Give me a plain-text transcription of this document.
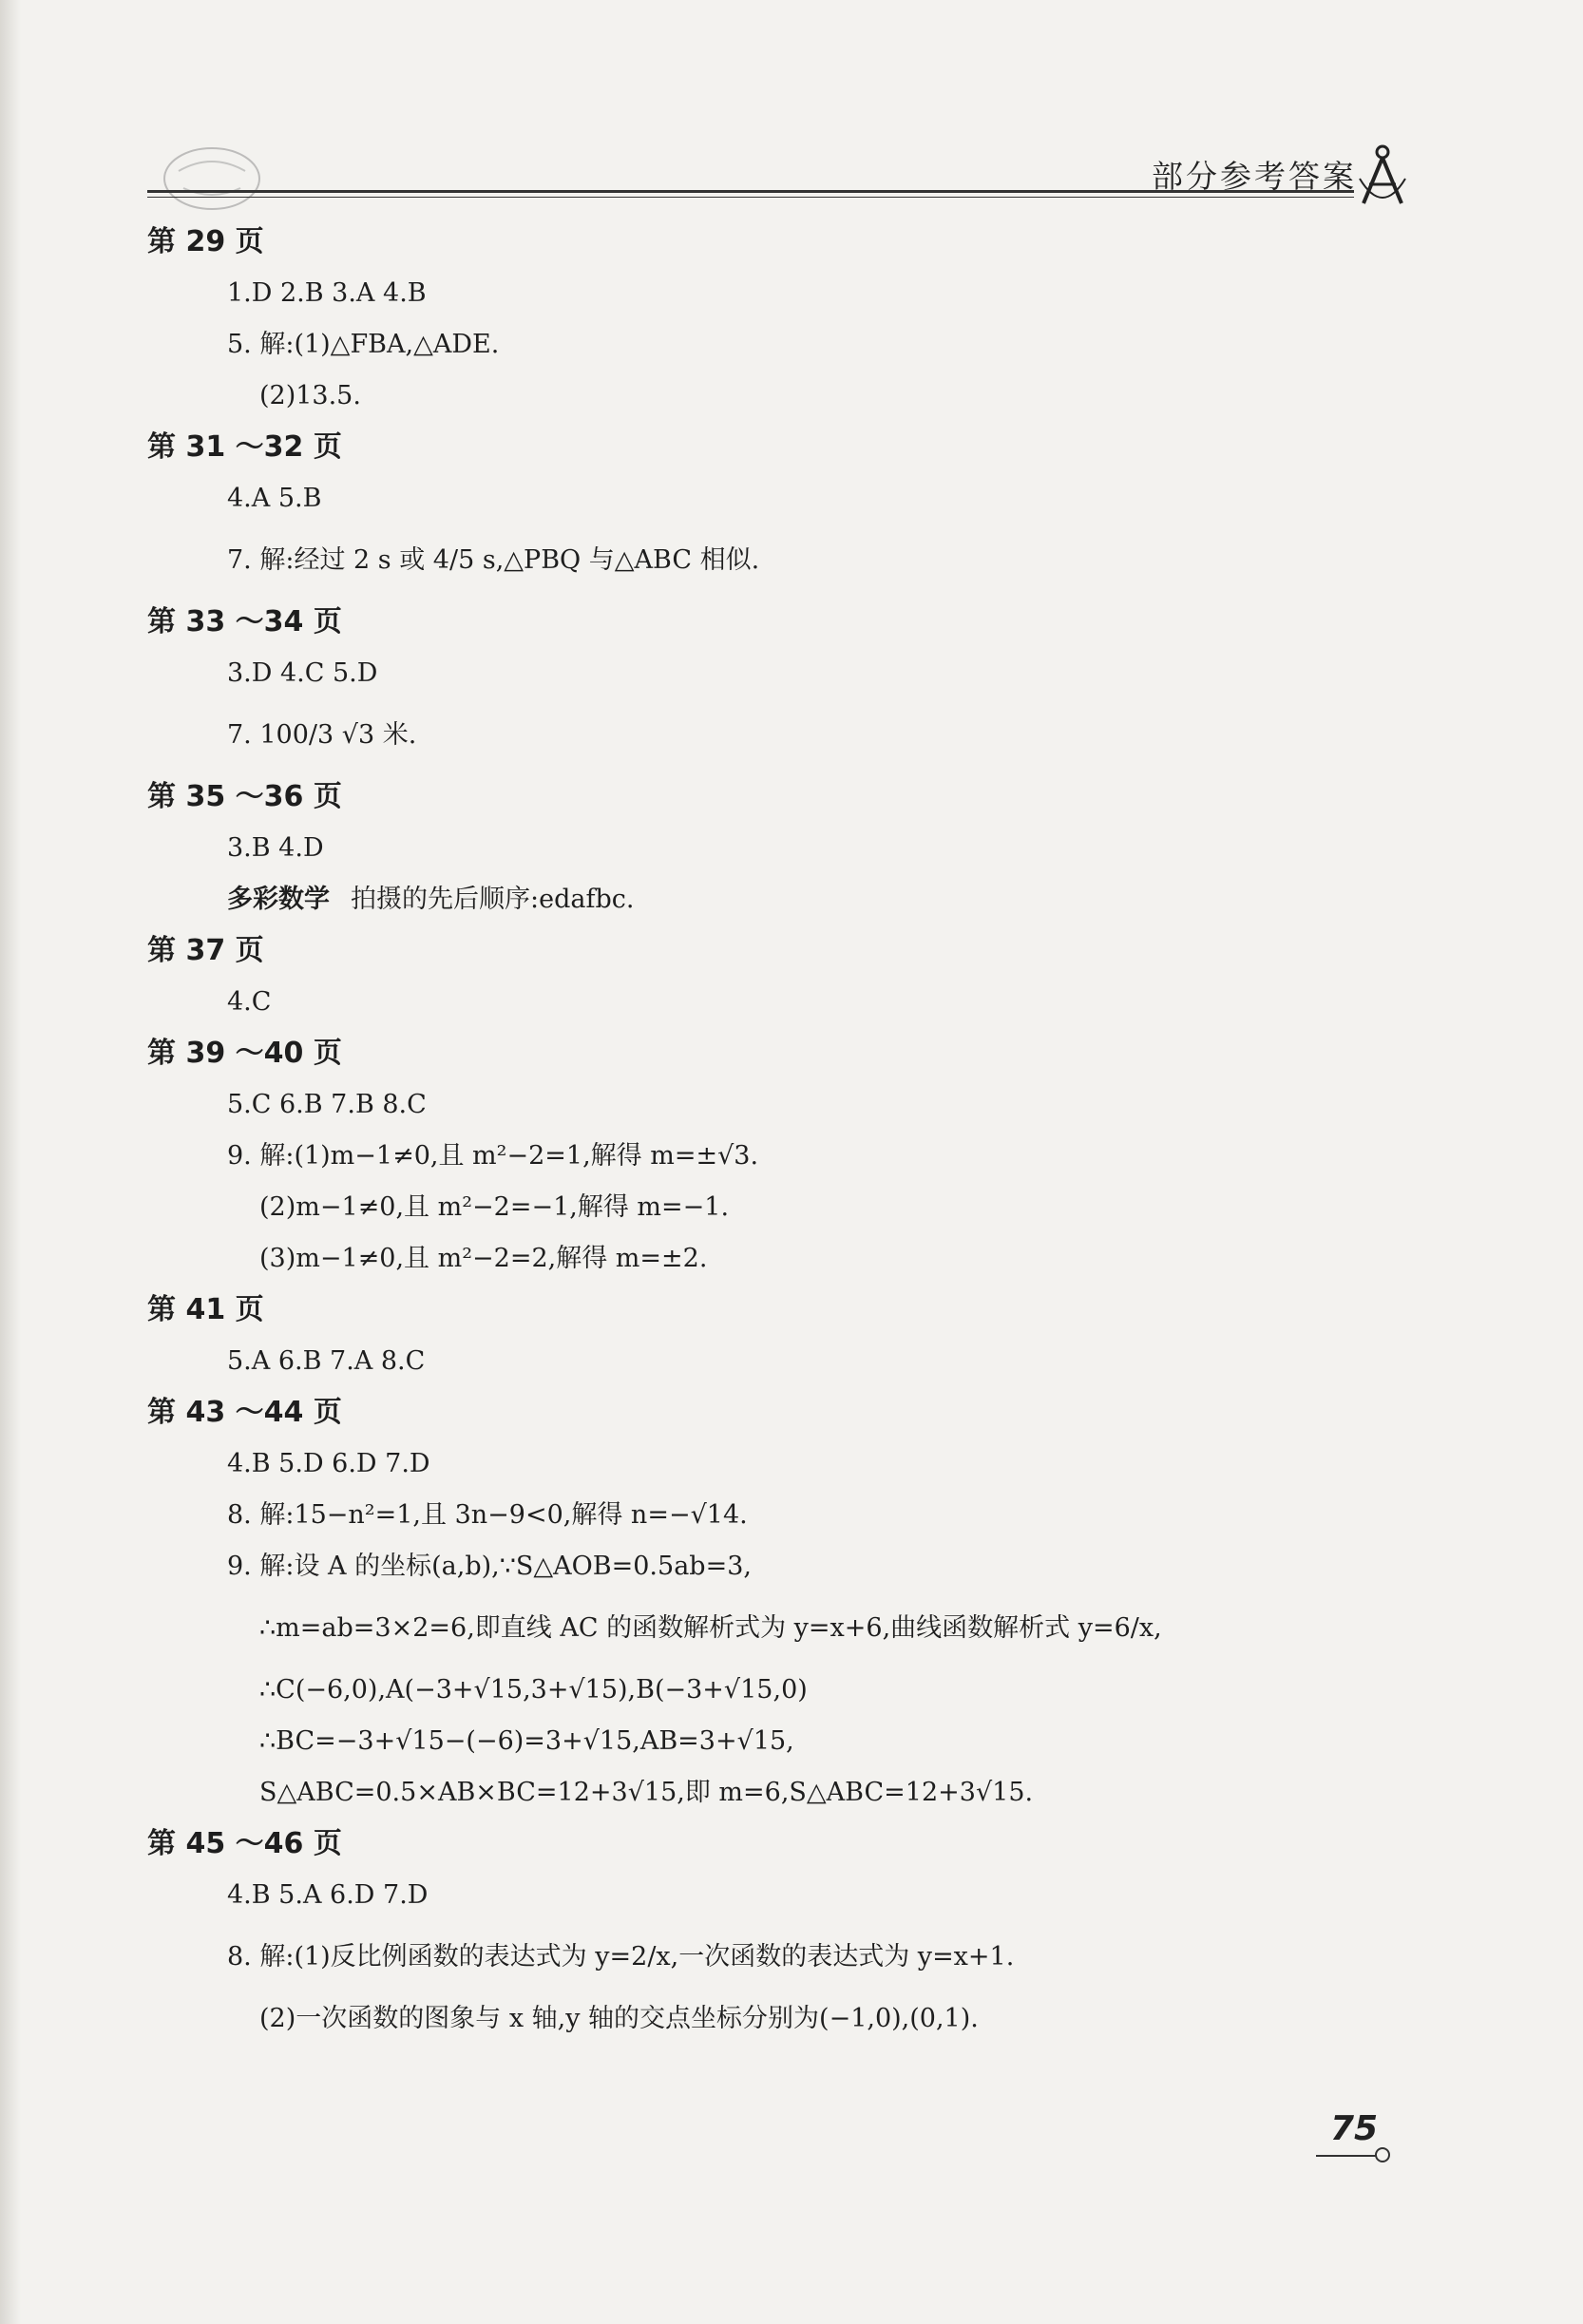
部分参考答案
第 29 页
1.D 2.B 3.A 4.B
5. 解:(1)△FBA,△ADE.
(2)13.5.
第 31 ～32 页
4.A 5.B
7. 解:经过 2 s 或 4/5 s,△PBQ 与△ABC 相似.
第 33 ～34 页
3.D 4.C 5.D
7. 100/3 √3 米.
第 35 ～36 页
3.B 4.D
多彩数学 拍摄的先后顺序:edafbc.
第 37 页
4.C
第 39 ～40 页
5.C 6.B 7.B 8.C
9. 解:(1)m−1≠0,且 m²−2=1,解得 m=±√3.
(2)m−1≠0,且 m²−2=−1,解得 m=−1.
(3)m−1≠0,且 m²−2=2,解得 m=±2.
第 41 页
5.A 6.B 7.A 8.C
第 43 ～44 页
4.B 5.D 6.D 7.D
8. 解:15−n²=1,且 3n−9<0,解得 n=−√14.
9. 解:设 A 的坐标(a,b),∵S△AOB=0.5ab=3,
∴m=ab=3×2=6,即直线 AC 的函数解析式为 y=x+6,曲线函数解析式 y=6/x,
∴C(−6,0),A(−3+√15,3+√15),B(−3+√15,0)
∴BC=−3+√15−(−6)=3+√15,AB=3+√15,
S△ABC=0.5×AB×BC=12+3√15,即 m=6,S△ABC=12+3√15.
第 45 ～46 页
4.B 5.A 6.D 7.D
8. 解:(1)反比例函数的表达式为 y=2/x,一次函数的表达式为 y=x+1.
(2)一次函数的图象与 x 轴,y 轴的交点坐标分别为(−1,0),(0,1).
75
